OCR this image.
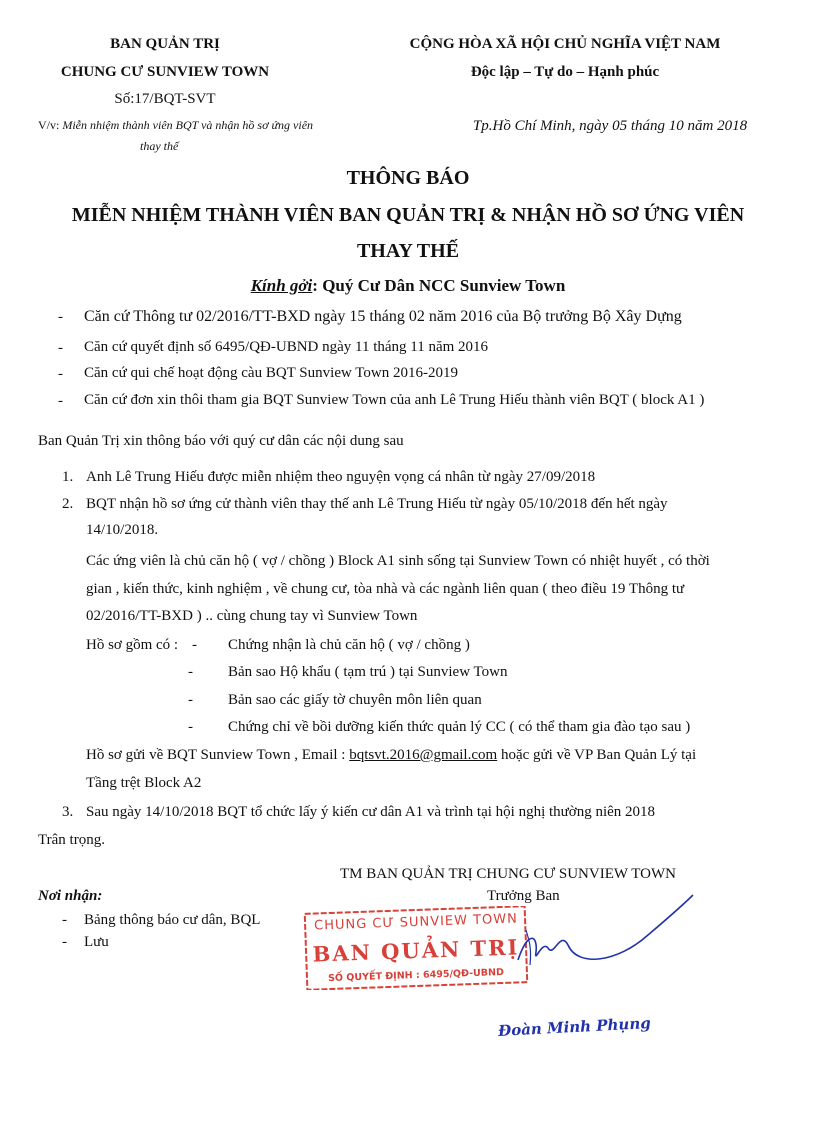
BAN QUẢN TRỊ
CHUNG CƯ SUNVIEW TOWN
Số:17/BQT-SVT
V/v: Miễn nhiệm thành viên BQT và nhận hồ sơ ứng viên
thay thế
CỘNG HÒA XÃ HỘI CHỦ NGHĨA VIỆT NAM
Độc lập – Tự do – Hạnh phúc
Tp.Hồ Chí Minh, ngày 05 tháng 10 năm 2018
THÔNG BÁO
MIỄN NHIỆM THÀNH VIÊN BAN QUẢN TRỊ & NHẬN HỒ SƠ ỨNG VIÊN
THAY THẾ
Kính gởi: Quý Cư Dân NCC Sunview Town
- Căn cứ Thông tư 02/2016/TT-BXD ngày 15 tháng 02 năm 2016 của Bộ trưởng Bộ Xây Dựng
- Căn cứ quyết định số 6495/QĐ-UBND ngày 11 tháng 11 năm 2016
- Căn cứ qui chế hoạt động càu BQT Sunview Town 2016-2019
- Căn cứ đơn xin thôi tham gia BQT Sunview Town của anh Lê Trung Hiếu thành viên BQT ( block A1 )
Ban Quản Trị xin thông báo với quý cư dân các nội dung sau
1. Anh Lê Trung Hiếu được miễn nhiệm theo nguyện vọng cá nhân từ ngày 27/09/2018
2. BQT nhận hồ sơ ứng cử thành viên thay thế anh Lê Trung Hiếu từ ngày 05/10/2018 đến hết ngày
14/10/2018.
Các ứng viên là chủ căn hộ ( vợ / chồng ) Block A1 sinh sống tại Sunview Town có nhiệt huyết , có thời
gian , kiến thức, kinh nghiệm , về chung cư, tòa nhà và các ngành liên quan ( theo điều 19 Thông tư
02/2016/TT-BXD ) .. cùng chung tay vì Sunview Town
Hồ sơ gồm có : - Chứng nhận là chủ căn hộ ( vợ / chồng )
- Bản sao Hộ khẩu ( tạm trú ) tại Sunview Town
- Bản sao các giấy tờ chuyên môn liên quan
- Chứng chỉ về bồi dưỡng kiến thức quản lý CC ( có thể tham gia đào tạo sau )
Hồ sơ gửi về BQT Sunview Town , Email : bqtsvt.2016@gmail.com hoặc gửi về VP Ban Quản Lý tại
Tầng trệt Block A2
3. Sau ngày 14/10/2018 BQT tổ chức lấy ý kiến cư dân A1 và trình tại hội nghị thường niên 2018
Trân trọng.
TM BAN QUẢN TRỊ CHUNG CƯ SUNVIEW TOWN
Trưởng Ban
Nơi nhận:
- Bảng thông báo cư dân, BQL
- Lưu
CHUNG CƯ SUNVIEW TOWN
BAN QUẢN TRỊ
SỐ QUYẾT ĐỊNH : 6495/QĐ-UBND
Đoàn Minh Phụng
